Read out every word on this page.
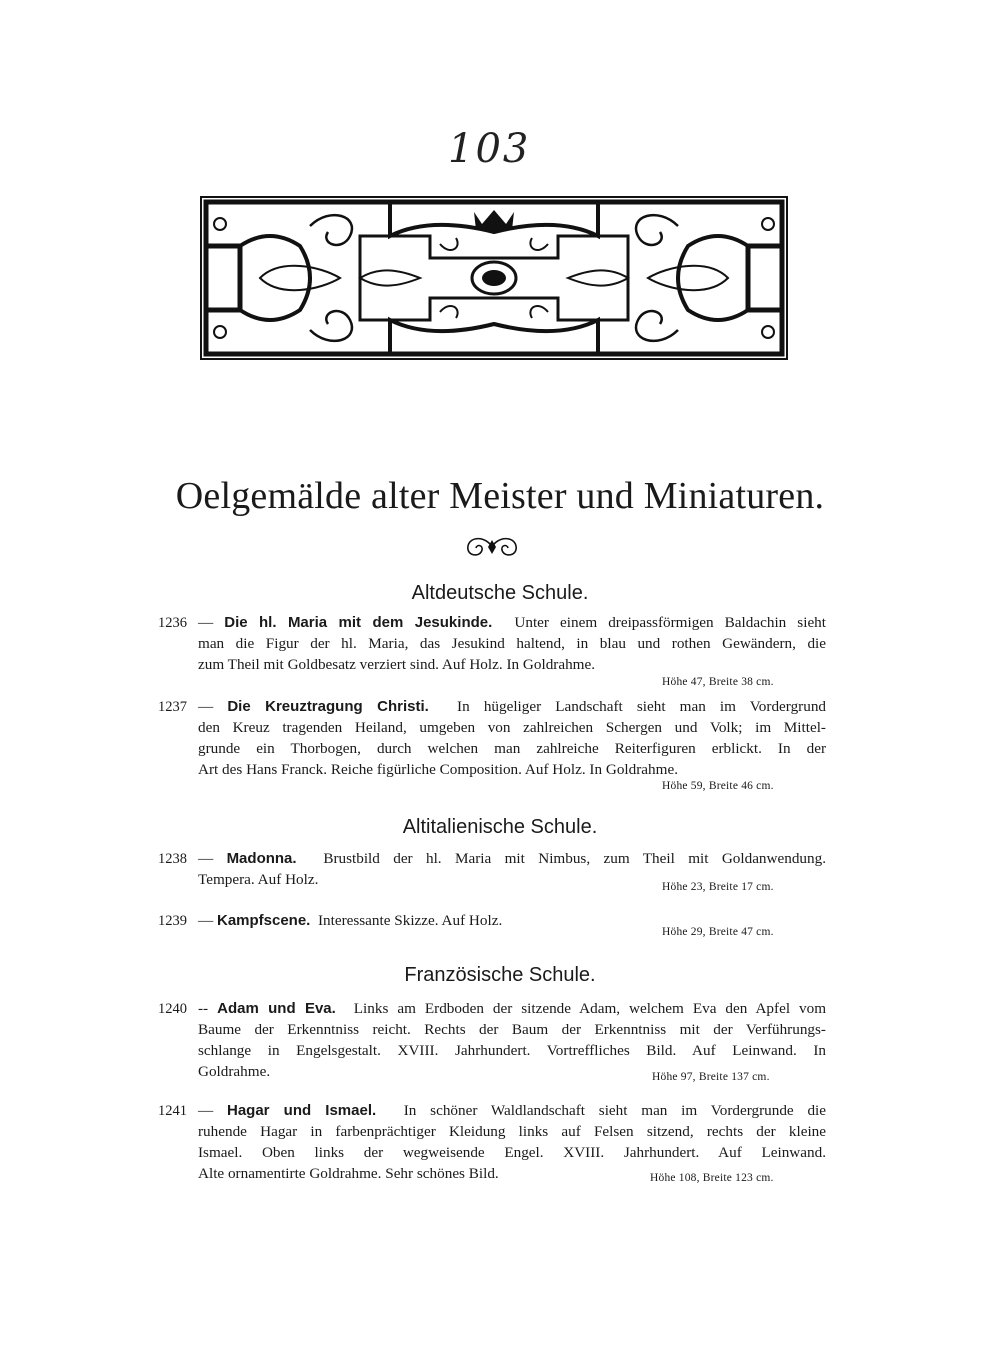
103
Oelgemälde alter Meister und Miniaturen.
Altdeutsche Schule.
1236 — Die hl. Maria mit dem Jesukinde. Unter einem dreipassförmigen Baldachin sieht
man die Figur der hl. Maria, das Jesukind haltend, in blau und rothen Gewändern, die
zum Theil mit Goldbesatz verziert sind. Auf Holz. In Goldrahme.
Höhe 47, Breite 38 cm.
1237 — Die Kreuztragung Christi. In hügeliger Landschaft sieht man im Vordergrund
den Kreuz tragenden Heiland, umgeben von zahlreichen Schergen und Volk; im Mittel-
grunde ein Thorbogen, durch welchen man zahlreiche Reiterfiguren erblickt. In der
Art des Hans Franck. Reiche figürliche Composition. Auf Holz. In Goldrahme.
Höhe 59, Breite 46 cm.
Altitalienische Schule.
1238 — Madonna. Brustbild der hl. Maria mit Nimbus, zum Theil mit Goldanwendung.
Tempera. Auf Holz.	Höhe 23, Breite 17 cm.
1239 — Kampfscene. Interessante Skizze. Auf Holz.
Höhe 29, Breite 47 cm.
Französische Schule.
1240 -- Adam und Eva. Links am Erdboden der sitzende Adam, welchem Eva den Apfel vom
Baume der Erkenntniss reicht. Rechts der Baum der Erkenntniss mit der Verführungs-
schlange in Engelsgestalt. XVIII. Jahrhundert. Vortreffliches Bild. Auf Leinwand. In
Goldrahme.	Höhe 97, Breite 137 cm.
1241 — Hagar und Ismael. In schöner Waldlandschaft sieht man im Vordergrunde die
ruhende Hagar in farbenprächtiger Kleidung links auf Felsen sitzend, rechts der kleine
Ismael. Oben links der wegweisende Engel. XVIII. Jahrhundert. Auf Leinwand.
Alte ornamentirte Goldrahme. Sehr schönes Bild.	Höhe 108, Breite 123 cm.
